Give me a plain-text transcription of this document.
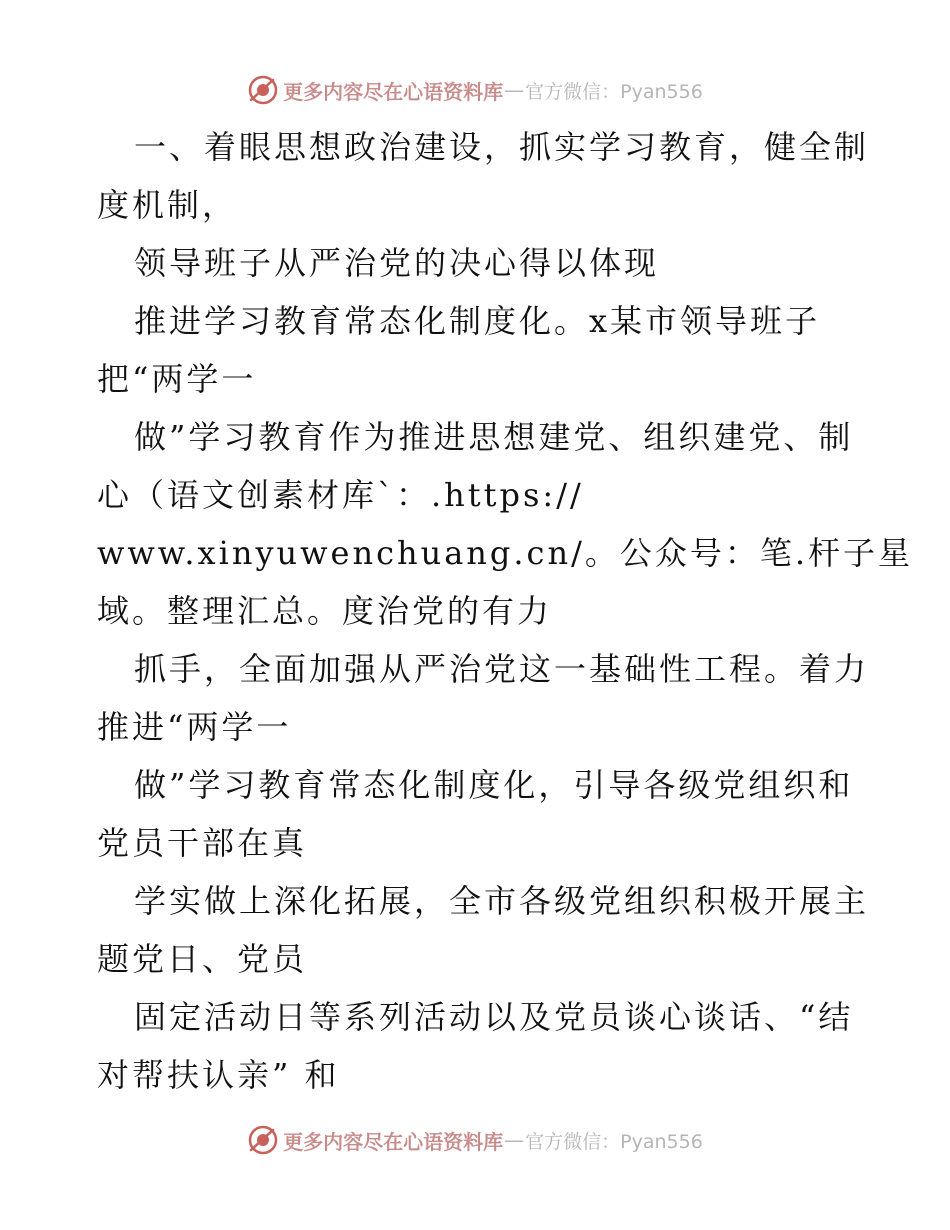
更多内容尽在心语资料库 — 官方微信：Pyan556
一、着眼思想政治建设，抓实学习教育，健全制
度机制，
领导班子从严治党的决心得以体现
推进学习教育常态化制度化。x某市领导班子
把“两学一
做”学习教育作为推进思想建党、组织建党、制
心（语文创素材库`：.https://
www.xinyuwenchuang.cn/。公众号：笔.杆子星
域。整理汇总。度治党的有力
抓手，全面加强从严治党这一基础性工程。着力
推进“两学一
做”学习教育常态化制度化，引导各级党组织和
党员干部在真
学实做上深化拓展，全市各级党组织积极开展主
题党日、党员
固定活动日等系列活动以及党员谈心谈话、“结
对帮扶认亲” 和
更多内容尽在心语资料库 — 官方微信：Pyan556
